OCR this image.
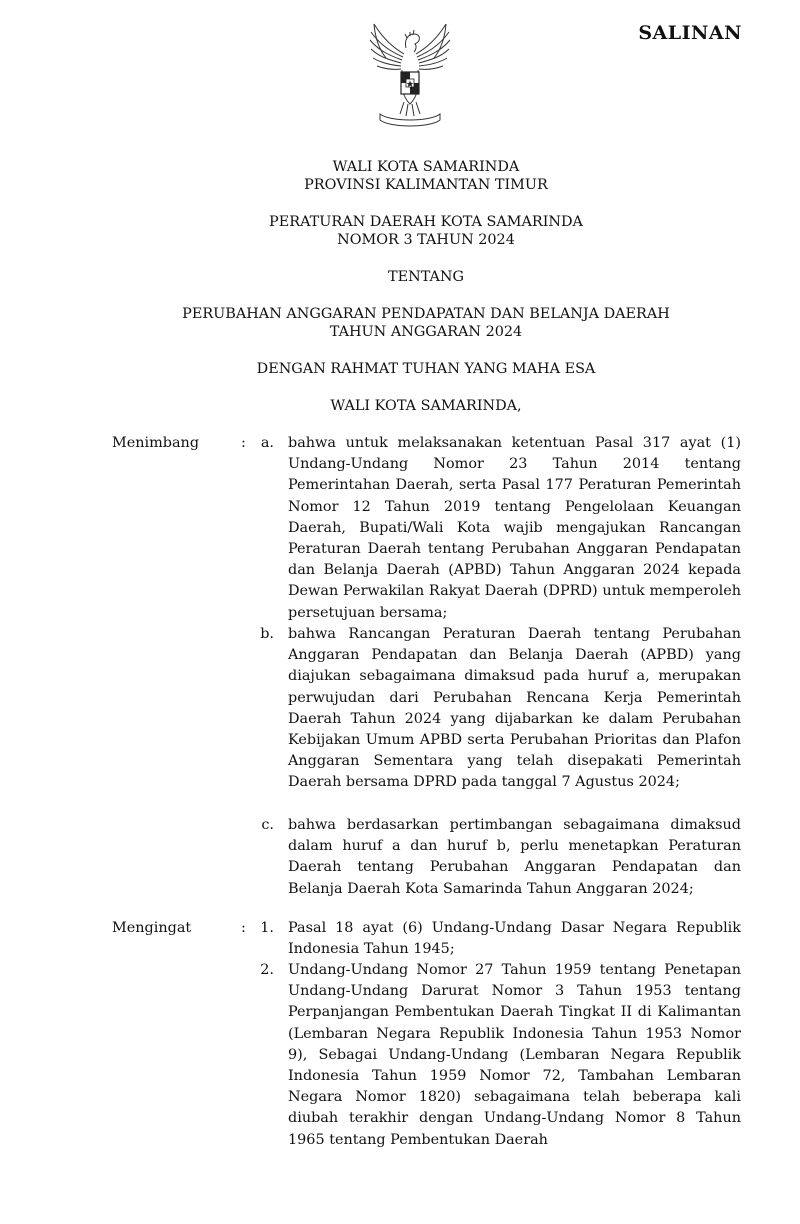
SALINAN
WALI KOTA SAMARINDA
PROVINSI KALIMANTAN TIMUR
PERATURAN DAERAH KOTA SAMARINDA
NOMOR 3 TAHUN 2024
TENTANG
PERUBAHAN ANGGARAN PENDAPATAN DAN BELANJA DAERAH
TAHUN ANGGARAN 2024
DENGAN RAHMAT TUHAN YANG MAHA ESA
WALI KOTA SAMARINDA,
Menimbang	:	a. bahwa untuk melaksanakan ketentuan Pasal 317 ayat (1) Undang-Undang Nomor 23 Tahun 2014 tentang Pemerintahan Daerah, serta Pasal 177 Peraturan Pemerintah Nomor 12 Tahun 2019 tentang Pengelolaan Keuangan Daerah, Bupati/Wali Kota wajib mengajukan Rancangan Peraturan Daerah tentang Perubahan Anggaran Pendapatan dan Belanja Daerah (APBD) Tahun Anggaran 2024 kepada Dewan Perwakilan Rakyat Daerah (DPRD) untuk memperoleh persetujuan bersama;
b. bahwa Rancangan Peraturan Daerah tentang Perubahan Anggaran Pendapatan dan Belanja Daerah (APBD) yang diajukan sebagaimana dimaksud pada huruf a, merupakan perwujudan dari Perubahan Rencana Kerja Pemerintah Daerah Tahun 2024 yang dijabarkan ke dalam Perubahan Kebijakan Umum APBD serta Perubahan Prioritas dan Plafon Anggaran Sementara yang telah disepakati Pemerintah Daerah bersama DPRD pada tanggal 7 Agustus 2024;
c. bahwa berdasarkan pertimbangan sebagaimana dimaksud dalam huruf a dan huruf b, perlu menetapkan Peraturan Daerah tentang Perubahan Anggaran Pendapatan dan Belanja Daerah Kota Samarinda Tahun Anggaran 2024;
Mengingat	:	1. Pasal 18 ayat (6) Undang-Undang Dasar Negara Republik Indonesia Tahun 1945;
2. Undang-Undang Nomor 27 Tahun 1959 tentang Penetapan Undang-Undang Darurat Nomor 3 Tahun 1953 tentang Perpanjangan Pembentukan Daerah Tingkat II di Kalimantan (Lembaran Negara Republik Indonesia Tahun 1953 Nomor 9), Sebagai Undang-Undang (Lembaran Negara Republik Indonesia Tahun 1959 Nomor 72, Tambahan Lembaran Negara Nomor 1820) sebagaimana telah beberapa kali diubah terakhir dengan Undang-Undang Nomor 8 Tahun 1965 tentang Pembentukan Daerah
